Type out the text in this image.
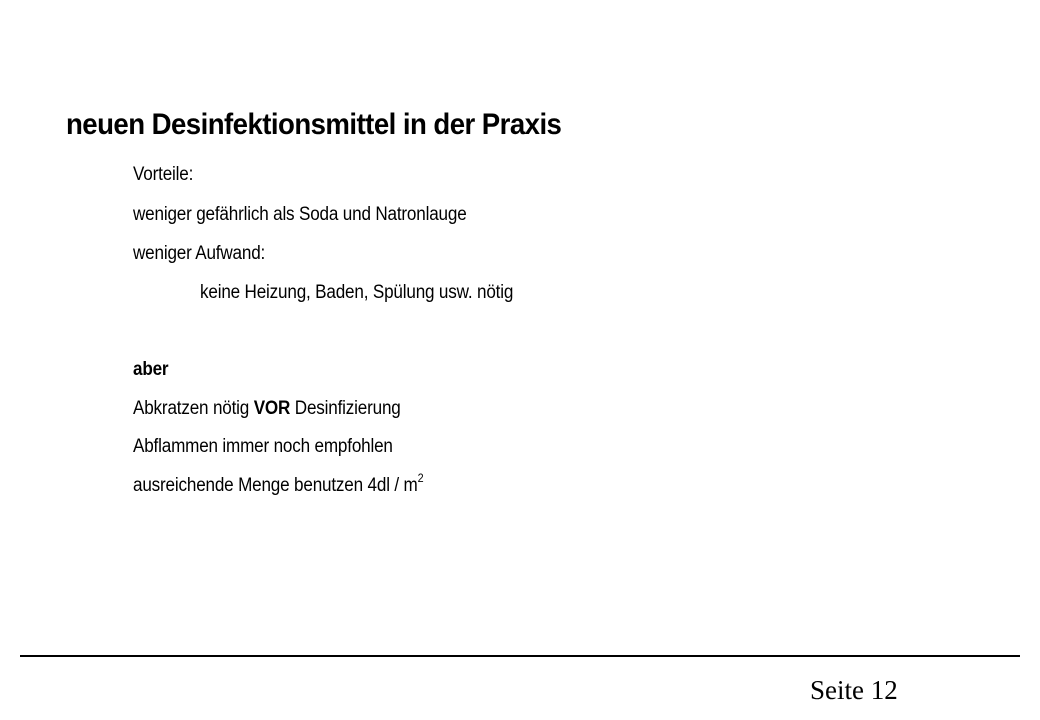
neuen Desinfektionsmittel in der Praxis
Vorteile:
weniger gefährlich als Soda und Natronlauge
weniger Aufwand:
keine Heizung, Baden, Spülung usw. nötig
aber
Abkratzen nötig VOR Desinfizierung
Abflammen immer noch empfohlen
ausreichende Menge benutzen $4dl / m^2$
Seite 12
